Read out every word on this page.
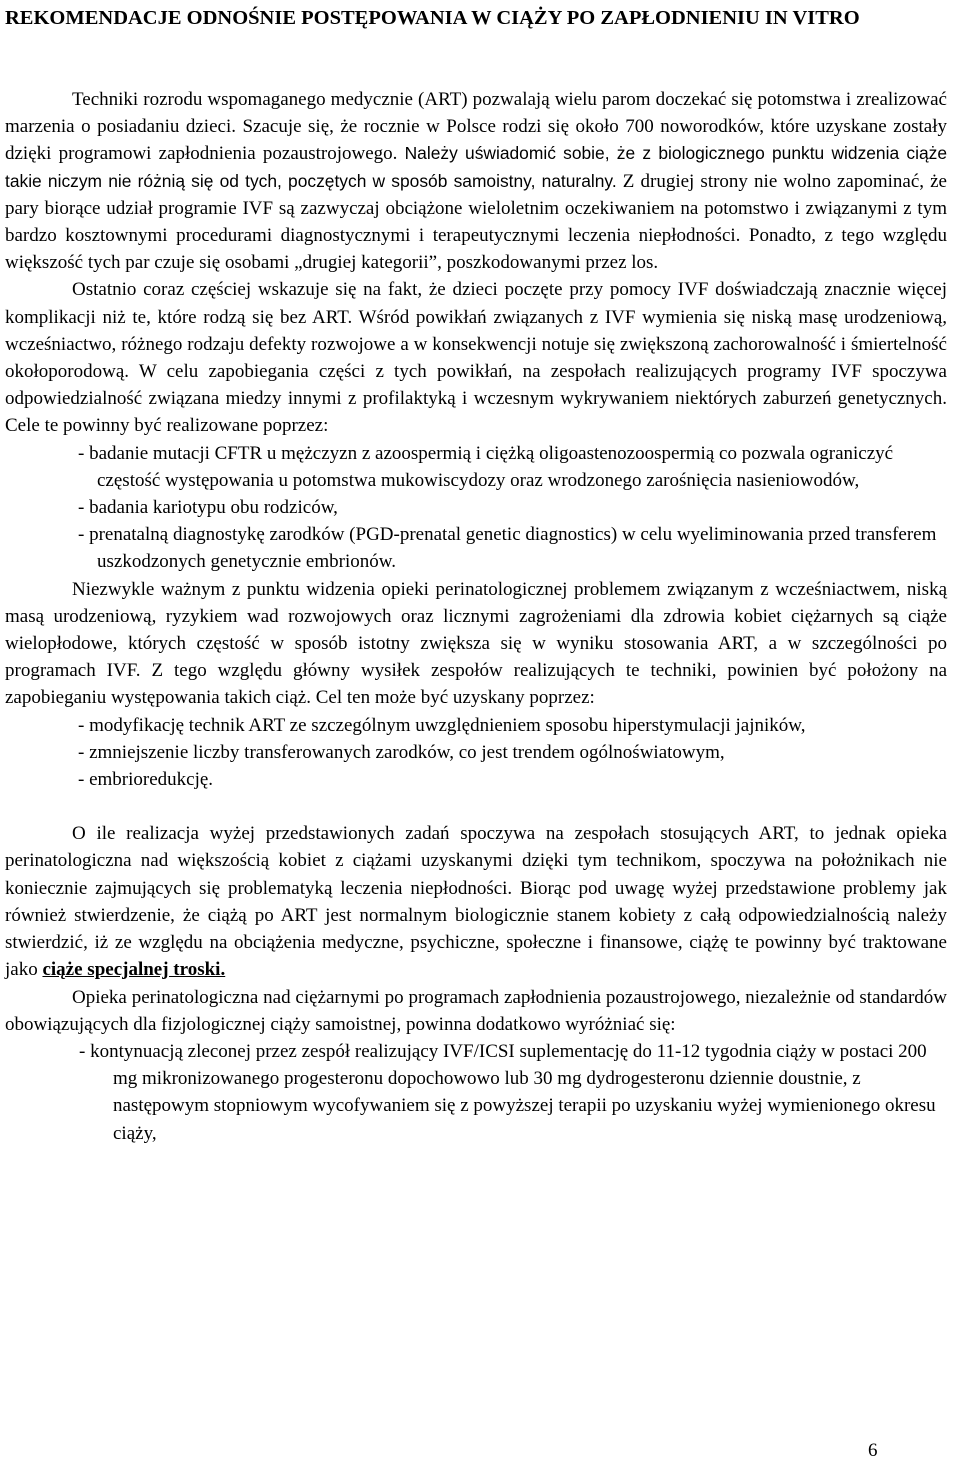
REKOMENDACJE ODNOŚNIE POSTĘPOWANIA W CIĄŻY PO ZAPŁODNIENIU IN VITRO

Techniki rozrodu wspomaganego medycznie (ART) pozwalają wielu parom doczekać się potomstwa i zrealizować marzenia o posiadaniu dzieci. Szacuje się, że rocznie w Polsce rodzi się około 700 noworodków, które uzyskane zostały dzięki programowi zapłodnienia pozaustrojowego. Należy uświadomić sobie, że z biologicznego punktu widzenia ciąże takie niczym nie różnią się od tych, poczętych w sposób samoistny, naturalny. Z drugiej strony nie wolno zapominać, że pary biorące udział programie IVF są zazwyczaj obciążone wieloletnim oczekiwaniem na potomstwo i związanymi z tym bardzo kosztownymi procedurami diagnostycznymi i terapeutycznymi leczenia niepłodności. Ponadto, z tego względu większość tych par czuje się osobami „drugiej kategorii”, poszkodowanymi przez los.

Ostatnio coraz częściej wskazuje się na fakt, że dzieci poczęte przy pomocy IVF doświadczają znacznie więcej komplikacji niż te, które rodzą się bez ART. Wśród powikłań związanych z IVF wymienia się niską masę urodzeniową, wcześniactwo, różnego rodzaju defekty rozwojowe a w konsekwencji notuje się zwiększoną zachorowalność i śmiertelność okołoporodową. W celu zapobiegania części z tych powikłań, na zespołach realizujących programy IVF spoczywa odpowiedzialność związana miedzy innymi z profilaktyką i wczesnym wykrywaniem niektórych zaburzeń genetycznych. Cele te powinny być realizowane poprzez:

- badanie mutacji CFTR u mężczyzn z azoospermią i ciężką oligoastenozoospermią co pozwala ograniczyć częstość występowania u potomstwa mukowiscydozy oraz wrodzonego zarośnięcia nasieniowodów,

- badania kariotypu obu rodziców,

- prenatalną diagnostykę zarodków (PGD-prenatal genetic diagnostics) w celu wyeliminowania przed transferem uszkodzonych genetycznie embrionów.

Niezwykle ważnym z punktu widzenia opieki perinatologicznej problemem związanym z wcześniactwem, niską masą urodzeniową, ryzykiem wad rozwojowych oraz licznymi zagrożeniami dla zdrowia kobiet ciężarnych są ciąże wielopłodowe, których częstość w sposób istotny zwiększa się w wyniku stosowania ART, a w szczególności po programach IVF. Z tego względu główny wysiłek zespołów realizujących te techniki, powinien być położony na zapobieganiu występowania takich ciąż. Cel ten może być uzyskany poprzez:

- modyfikację technik ART ze szczególnym uwzględnieniem sposobu hiperstymulacji jajników,

- zmniejszenie liczby transferowanych zarodków, co jest trendem ogólnoświatowym,

- embrioredukcję.

O ile realizacja wyżej przedstawionych zadań spoczywa na zespołach stosujących ART, to jednak opieka perinatologiczna nad większością kobiet z ciążami uzyskanymi dzięki tym technikom, spoczywa na położnikach nie koniecznie zajmujących się problematyką leczenia niepłodności. Biorąc pod uwagę wyżej przedstawione problemy jak również stwierdzenie, że ciążą po ART jest normalnym biologicznie stanem kobiety z całą odpowiedzialnością należy stwierdzić, iż ze względu na obciążenia medyczne, psychiczne, społeczne i finansowe, ciążę te powinny być traktowane jako ciąże specjalnej troski.

Opieka perinatologiczna nad ciężarnymi po programach zapłodnienia pozaustrojowego, niezależnie od standardów obowiązujących dla fizjologicznej ciąży samoistnej, powinna dodatkowo wyróżniać się:

- kontynuacją zleconej przez zespół realizujący IVF/ICSI suplementację do 11-12 tygodnia ciąży w postaci 200 mg mikronizowanego progesteronu dopochowowo lub 30 mg dydrogesteronu dziennie doustnie, z następowym stopniowym wycofywaniem się z powyższej terapii po uzyskaniu wyżej wymienionego okresu ciąży,

6
